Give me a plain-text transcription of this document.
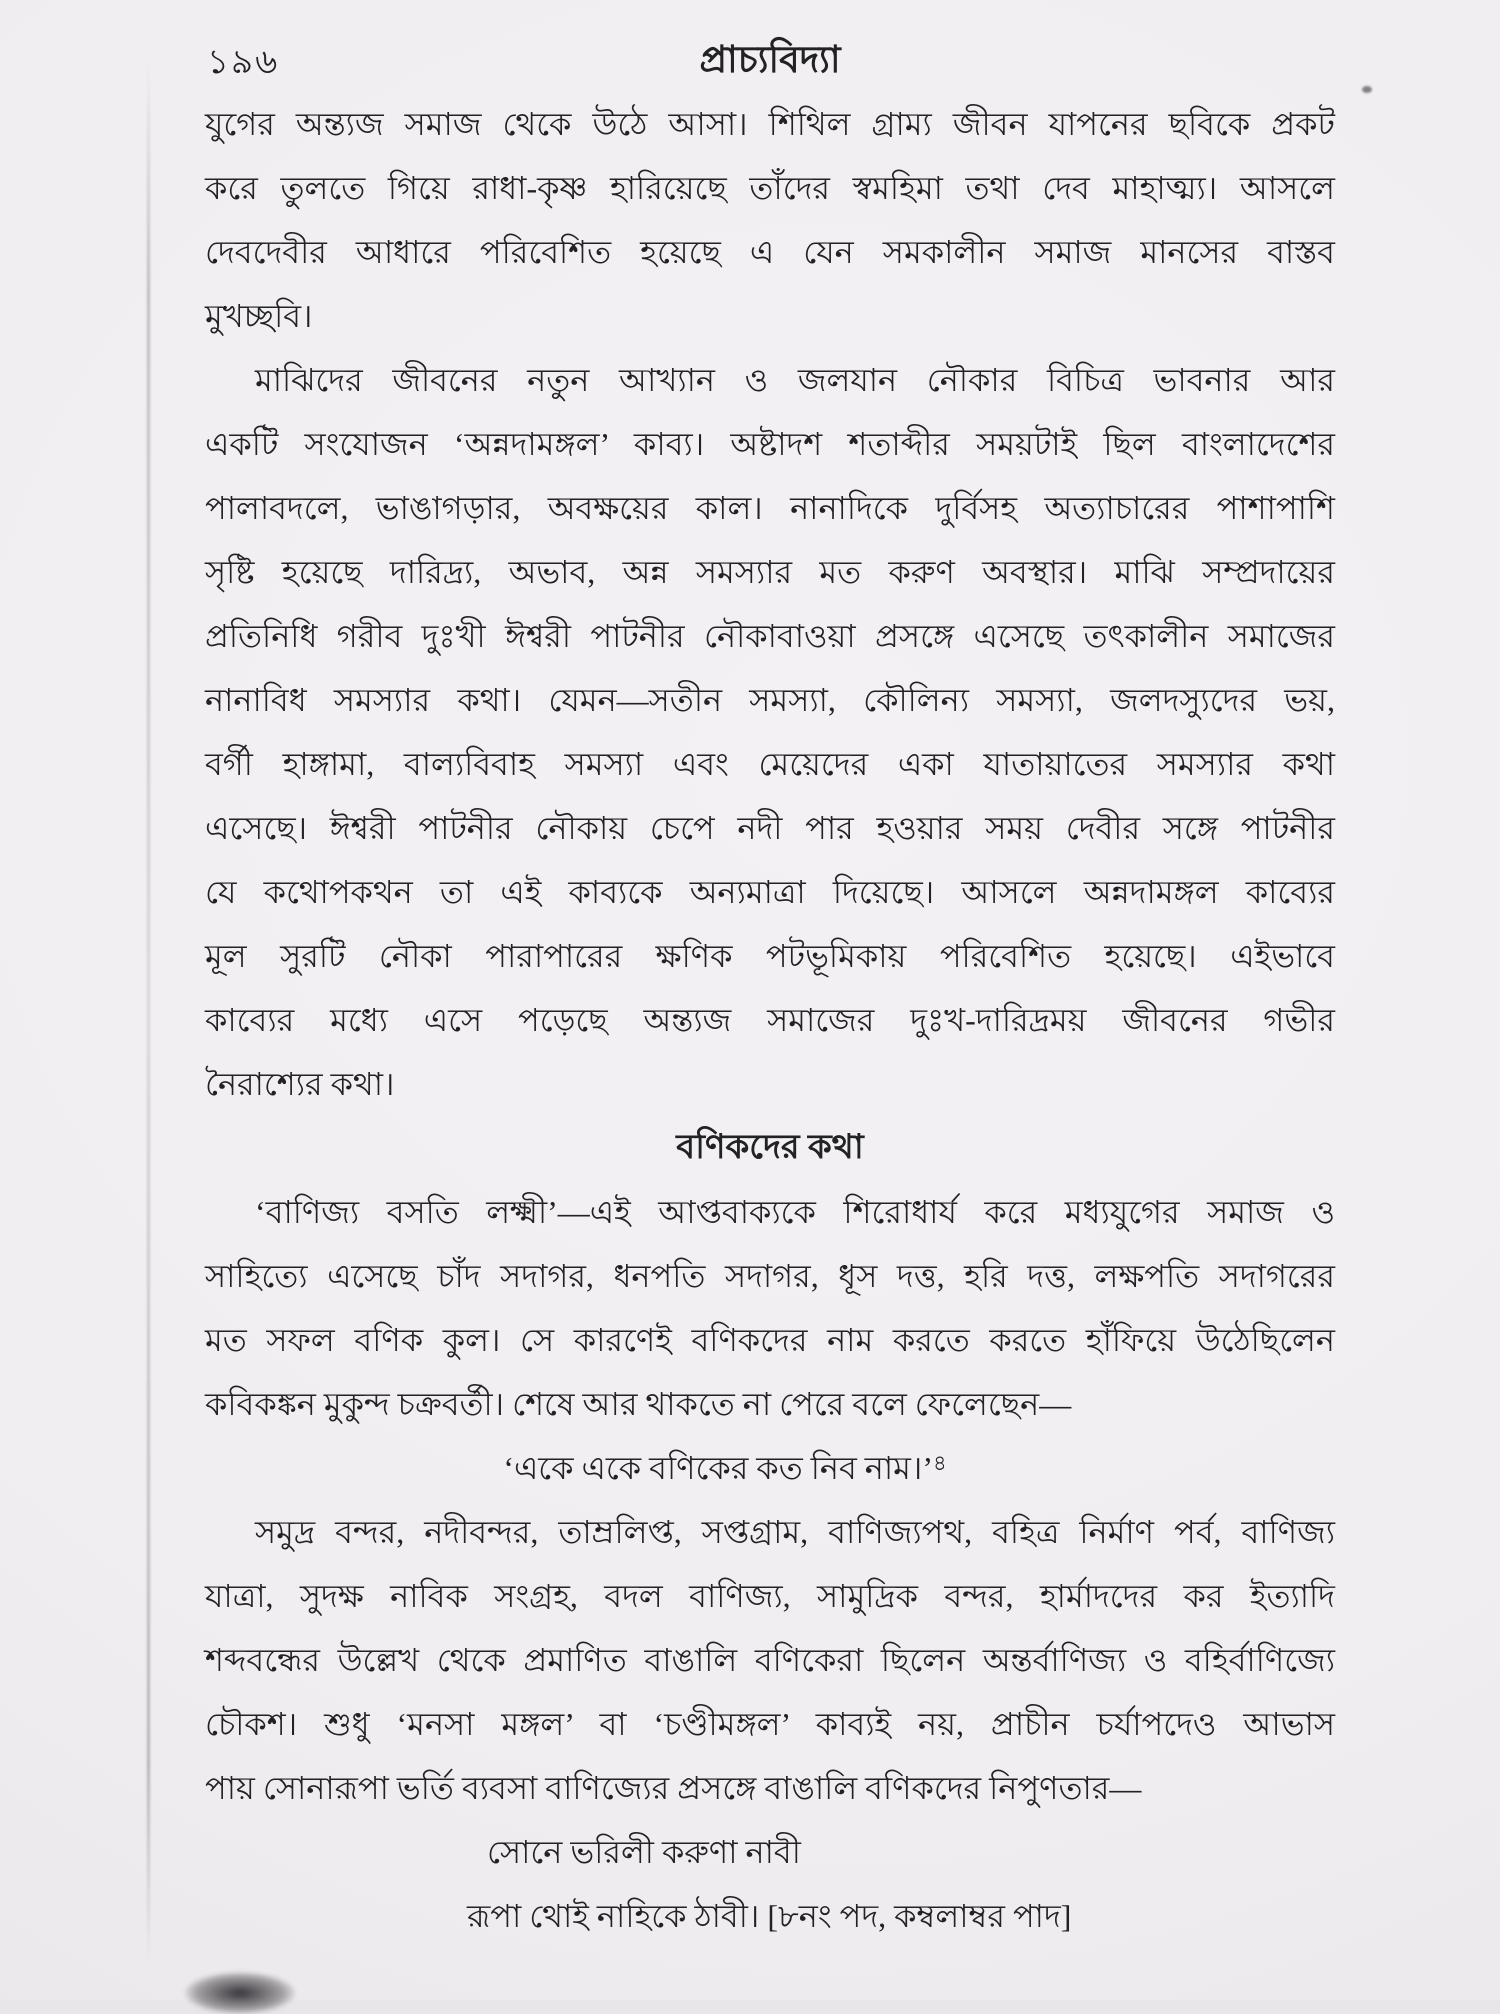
১৯৬	প্রাচ্যবিদ্যা
যুগের অন্ত্যজ সমাজ থেকে উঠে আসা। শিথিল গ্রাম্য জীবন যাপনের ছবিকে প্রকট
করে তুলতে গিয়ে রাধা-কৃষ্ণ হারিয়েছে তাঁদের স্বমহিমা তথা দেব মাহাত্ম্য। আসলে
দেবদেবীর আধারে পরিবেশিত হয়েছে এ যেন সমকালীন সমাজ মানসের বাস্তব
মুখচ্ছবি।
মাঝিদের জীবনের নতুন আখ্যান ও জলযান নৌকার বিচিত্র ভাবনার আর
একটি সংযোজন ‘অন্নদামঙ্গল’ কাব্য। অষ্টাদশ শতাব্দীর সময়টাই ছিল বাংলাদেশের
পালাবদলে, ভাঙাগড়ার, অবক্ষয়ের কাল। নানাদিকে দুর্বিসহ অত্যাচারের পাশাপাশি
সৃষ্টি হয়েছে দারিদ্র্য, অভাব, অন্ন সমস্যার মত করুণ অবস্থার। মাঝি সম্প্রদায়ের
প্রতিনিধি গরীব দুঃখী ঈশ্বরী পাটনীর নৌকাবাওয়া প্রসঙ্গে এসেছে তৎকালীন সমাজের
নানাবিধ সমস্যার কথা। যেমন—সতীন সমস্যা, কৌলিন্য সমস্যা, জলদস্যুদের ভয়,
বর্গী হাঙ্গামা, বাল্যবিবাহ সমস্যা এবং মেয়েদের একা যাতায়াতের সমস্যার কথা
এসেছে। ঈশ্বরী পাটনীর নৌকায় চেপে নদী পার হওয়ার সময় দেবীর সঙ্গে পাটনীর
যে কথোপকথন তা এই কাব্যকে অন্যমাত্রা দিয়েছে। আসলে অন্নদামঙ্গল কাব্যের
মূল সুরটি নৌকা পারাপারের ক্ষণিক পটভূমিকায় পরিবেশিত হয়েছে। এইভাবে
কাব্যের মধ্যে এসে পড়েছে অন্ত্যজ সমাজের দুঃখ-দারিদ্রময় জীবনের গভীর
নৈরাশ্যের কথা।
বণিকদের কথা
‘বাণিজ্য বসতি লক্ষ্মী’—এই আপ্তবাক্যকে শিরোধার্য করে মধ্যযুগের সমাজ ও
সাহিত্যে এসেছে চাঁদ সদাগর, ধনপতি সদাগর, ধূস দত্ত, হরি দত্ত, লক্ষপতি সদাগরের
মত সফল বণিক কুল। সে কারণেই বণিকদের নাম করতে করতে হাঁফিয়ে উঠেছিলেন
কবিকঙ্কন মুকুন্দ চক্রবর্তী। শেষে আর থাকতে না পেরে বলে ফেলেছেন—
‘একে একে বণিকের কত নিব নাম।’$^৪$
সমুদ্র বন্দর, নদীবন্দর, তাম্রলিপ্ত, সপ্তগ্রাম, বাণিজ্যপথ, বহিত্র নির্মাণ পর্ব, বাণিজ্য
যাত্রা, সুদক্ষ নাবিক সংগ্রহ, বদল বাণিজ্য, সামুদ্রিক বন্দর, হার্মাদদের কর ইত্যাদি
শব্দবন্ধের উল্লেখ থেকে প্রমাণিত বাঙালি বণিকেরা ছিলেন অন্তর্বাণিজ্য ও বহির্বাণিজ্যে
চৌকশ। শুধু ‘মনসা মঙ্গল’ বা ‘চণ্ডীমঙ্গল’ কাব্যই নয়, প্রাচীন চর্যাপদেও আভাস
পায় সোনারূপা ভর্তি ব্যবসা বাণিজ্যের প্রসঙ্গে বাঙালি বণিকদের নিপুণতার—
সোনে ভরিলী করুণা নাবী
রূপা থোই নাহিকে ঠাবী। [৮নং পদ, কম্বলাম্বর পাদ]
